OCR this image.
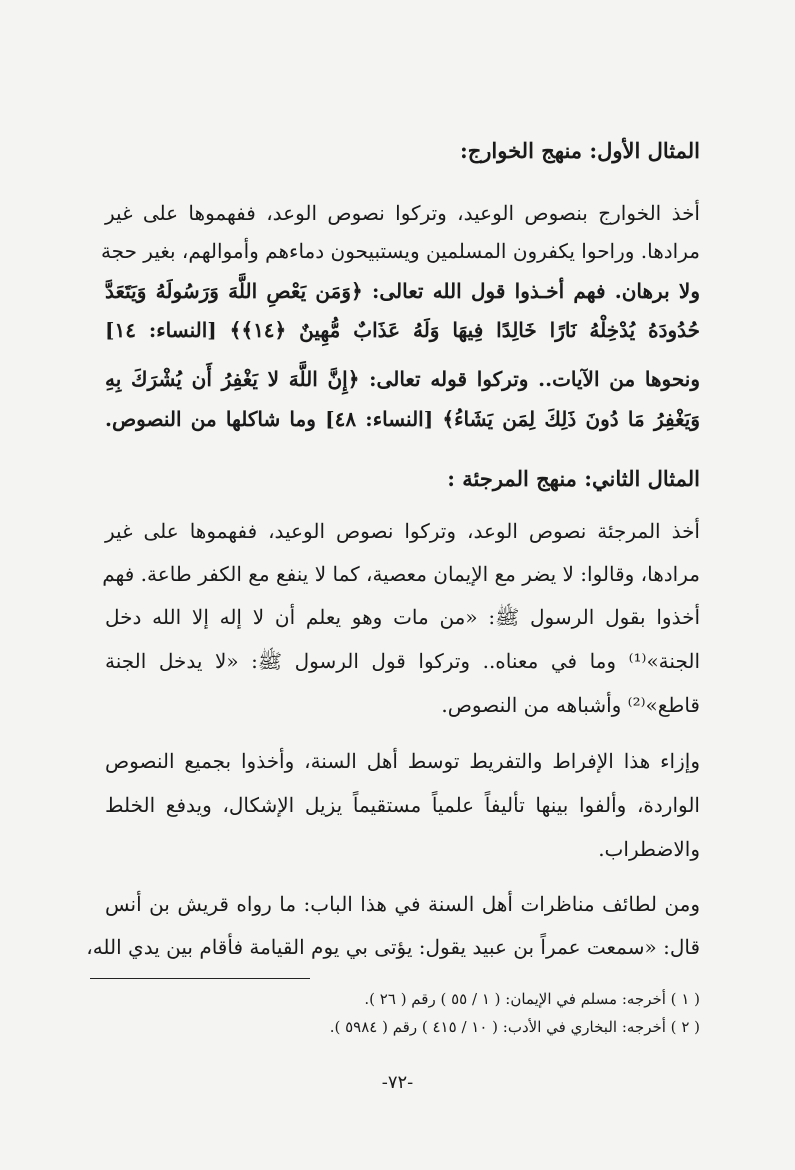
المثال الأول: منهج الخوارج:
أخذ الخوارج بنصوص الوعيد، وتركوا نصوص الوعد، ففهموها على غير
مرادها. وراحوا يكفرون المسلمين ويستبيحون دماءهم وأموالهم، بغير حجة
ولا برهان. فهم أخـذوا قول الله تعالى: ﴿وَمَن يَعْصِ اللَّهَ وَرَسُولَهُ وَيَتَعَدَّ
حُدُودَهُ يُدْخِلْهُ نَارًا خَالِدًا فِيهَا وَلَهُ عَذَابٌ مُّهِينٌ ﴿١٤﴾﴾ [النساء: ١٤]
ونحوها من الآيات.. وتركوا قوله تعالى: ﴿إِنَّ اللَّهَ لا يَغْفِرُ أَن يُشْرَكَ بِهِ
وَيَغْفِرُ مَا دُونَ ذَلِكَ لِمَن يَشَاءُ﴾ [النساء: ٤٨] وما شاكلها من النصوص.
المثال الثاني: منهج المرجئة :
أخذ المرجئة نصوص الوعد، وتركوا نصوص الوعيد، ففهموها على غير
مرادها، وقالوا: لا يضر مع الإيمان معصية، كما لا ينفع مع الكفر طاعة. فهم
أخذوا بقول الرسول ﷺ: «من مات وهو يعلم أن لا إله إلا الله دخل
الجنة»⁽¹⁾ وما في معناه.. وتركوا قول الرسول ﷺ: «لا يدخل الجنة
قاطع»⁽²⁾ وأشباهه من النصوص.
وإزاء هذا الإفراط والتفريط توسط أهل السنة، وأخذوا بجميع النصوص
الواردة، وألفوا بينها تأليفاً علمياً مستقيماً يزيل الإشكال، ويدفع الخلط
والاضطراب.
ومن لطائف مناظرات أهل السنة في هذا الباب: ما رواه قريش بن أنس
قال: «سمعت عمراً بن عبيد يقول: يؤتى بي يوم القيامة فأقام بين يدي الله،
( ١ ) أخرجه: مسلم في الإيمان: ( ١ / ٥٥ ) رقم ( ٢٦ ).
( ٢ ) أخرجه: البخاري في الأدب: ( ١٠ / ٤١٥ ) رقم ( ٥٩٨٤ ).
-٧٢-
